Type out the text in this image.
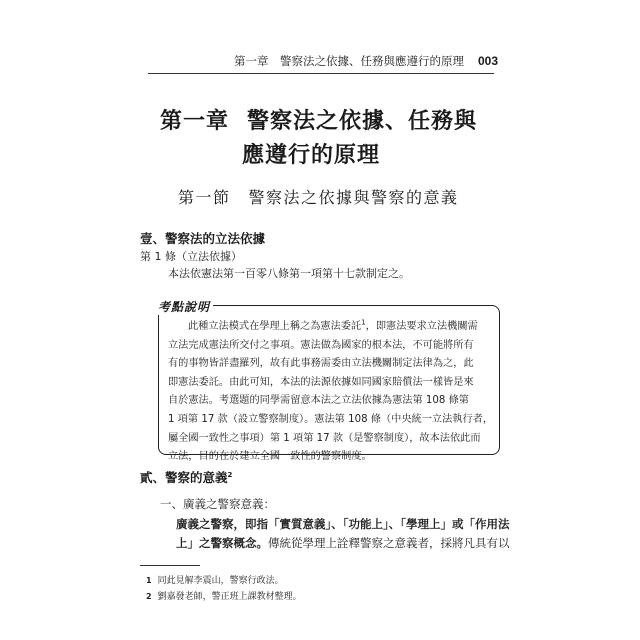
第一章　警察法之依據、任務與應遵行的原理 003
第一章 警察法之依據、任務與
應遵行的原理
第一節 警察法之依據與警察的意義
壹、警察法的立法依據
第 1 條（立法依據）
本法依憲法第一百零八條第一項第十七款制定之。
考點說明
此種立法模式在學理上稱之為憲法委託$^1$，即憲法要求立法機關需
立法完成憲法所交付之事項。憲法做為國家的根本法，不可能將所有
有的事物皆詳盡羅列，故有此事務需委由立法機關制定法律為之，此
即憲法委託。由此可知，本法的法源依據如同國家賠償法一樣皆是來
自於憲法。考選題的同學需留意本法之立法依據為憲法第 108 條第
1 項第 17 款（設立警察制度）。憲法第 108 條（中央統一立法執行者，
屬全國一致性之事項）第 1 項第 17 款（是警察制度），故本法依此而
立法，目的在於建立全國一致性的警察制度。
貳、警察的意義$^2$
一、廣義之警察意義：
廣義之警察，即指「實質意義」、「功能上」、「學理上」或「作用法
上」之警察概念。傳統從學理上詮釋警察之意義者，採將凡具有以
1 同此見解李震山，警察行政法。
2 劉嘉發老師，警正班上課教材整理。
